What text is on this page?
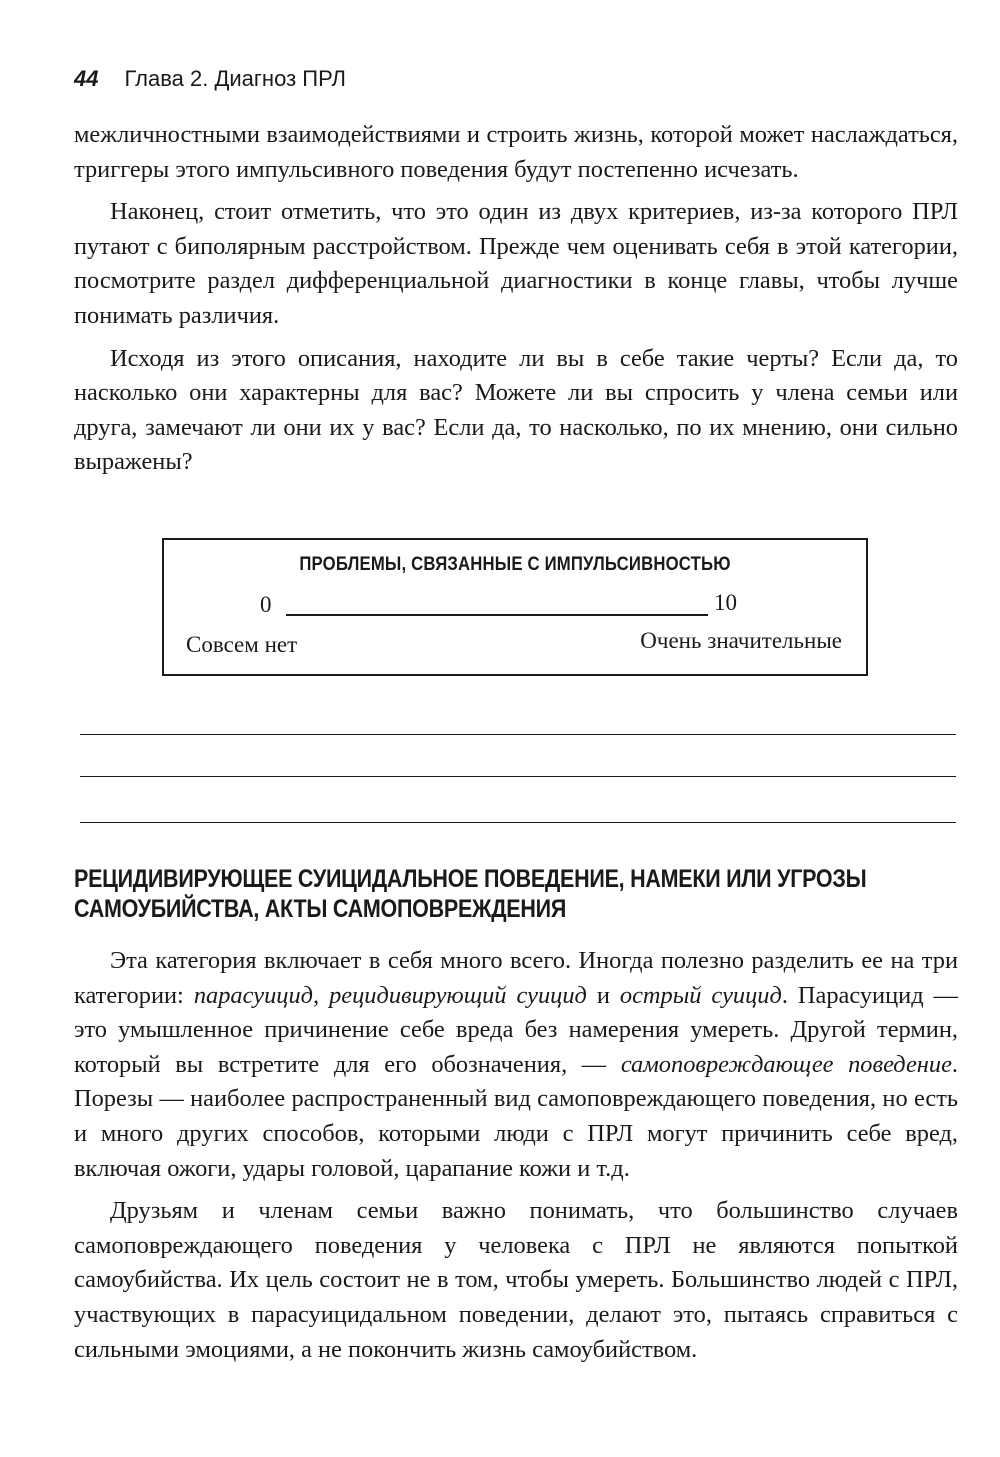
44 Глава 2. Диагноз ПРЛ

межличностными взаимодействиями и строить жизнь, которой может наслаждаться, триггеры этого импульсивного поведения будут постепенно исчезать.

Наконец, стоит отметить, что это один из двух критериев, из-за которого ПРЛ путают с биполярным расстройством. Прежде чем оценивать себя в этой категории, посмотрите раздел дифференциальной диагностики в конце главы, чтобы лучше понимать различия.

Исходя из этого описания, находите ли вы в себе такие черты? Если да, то насколько они характерны для вас? Можете ли вы спросить у члена семьи или друга, замечают ли они их у вас? Если да, то насколько, по их мнению, они сильно выражены?

ПРОБЛЕМЫ, СВЯЗАННЫЕ С ИМПУЛЬСИВНОСТЬЮ
0	10
Совсем нет	Очень значительные
РЕЦИДИВИРУЮЩЕЕ СУИЦИДАЛЬНОЕ ПОВЕДЕНИЕ, НАМЕКИ ИЛИ УГРОЗЫ САМОУБИЙСТВА, АКТЫ САМОПОВРЕЖДЕНИЯ

Эта категория включает в себя много всего. Иногда полезно разделить ее на три категории: парасуицид, рецидивирующий суицид и острый суицид. Парасуицид — это умышленное причинение себе вреда без намерения умереть. Другой термин, который вы встретите для его обозначения, — самоповреждающее поведение. Порезы — наиболее распространенный вид самоповреждающего поведения, но есть и много других способов, которыми люди с ПРЛ могут причинить себе вред, включая ожоги, удары головой, царапание кожи и т.д.

Друзьям и членам семьи важно понимать, что большинство случаев самоповреждающего поведения у человека с ПРЛ не являются попыткой самоубийства. Их цель состоит не в том, чтобы умереть. Большинство людей с ПРЛ, участвующих в парасуицидальном поведении, делают это, пытаясь справиться с сильными эмоциями, а не покончить жизнь самоубийством.
